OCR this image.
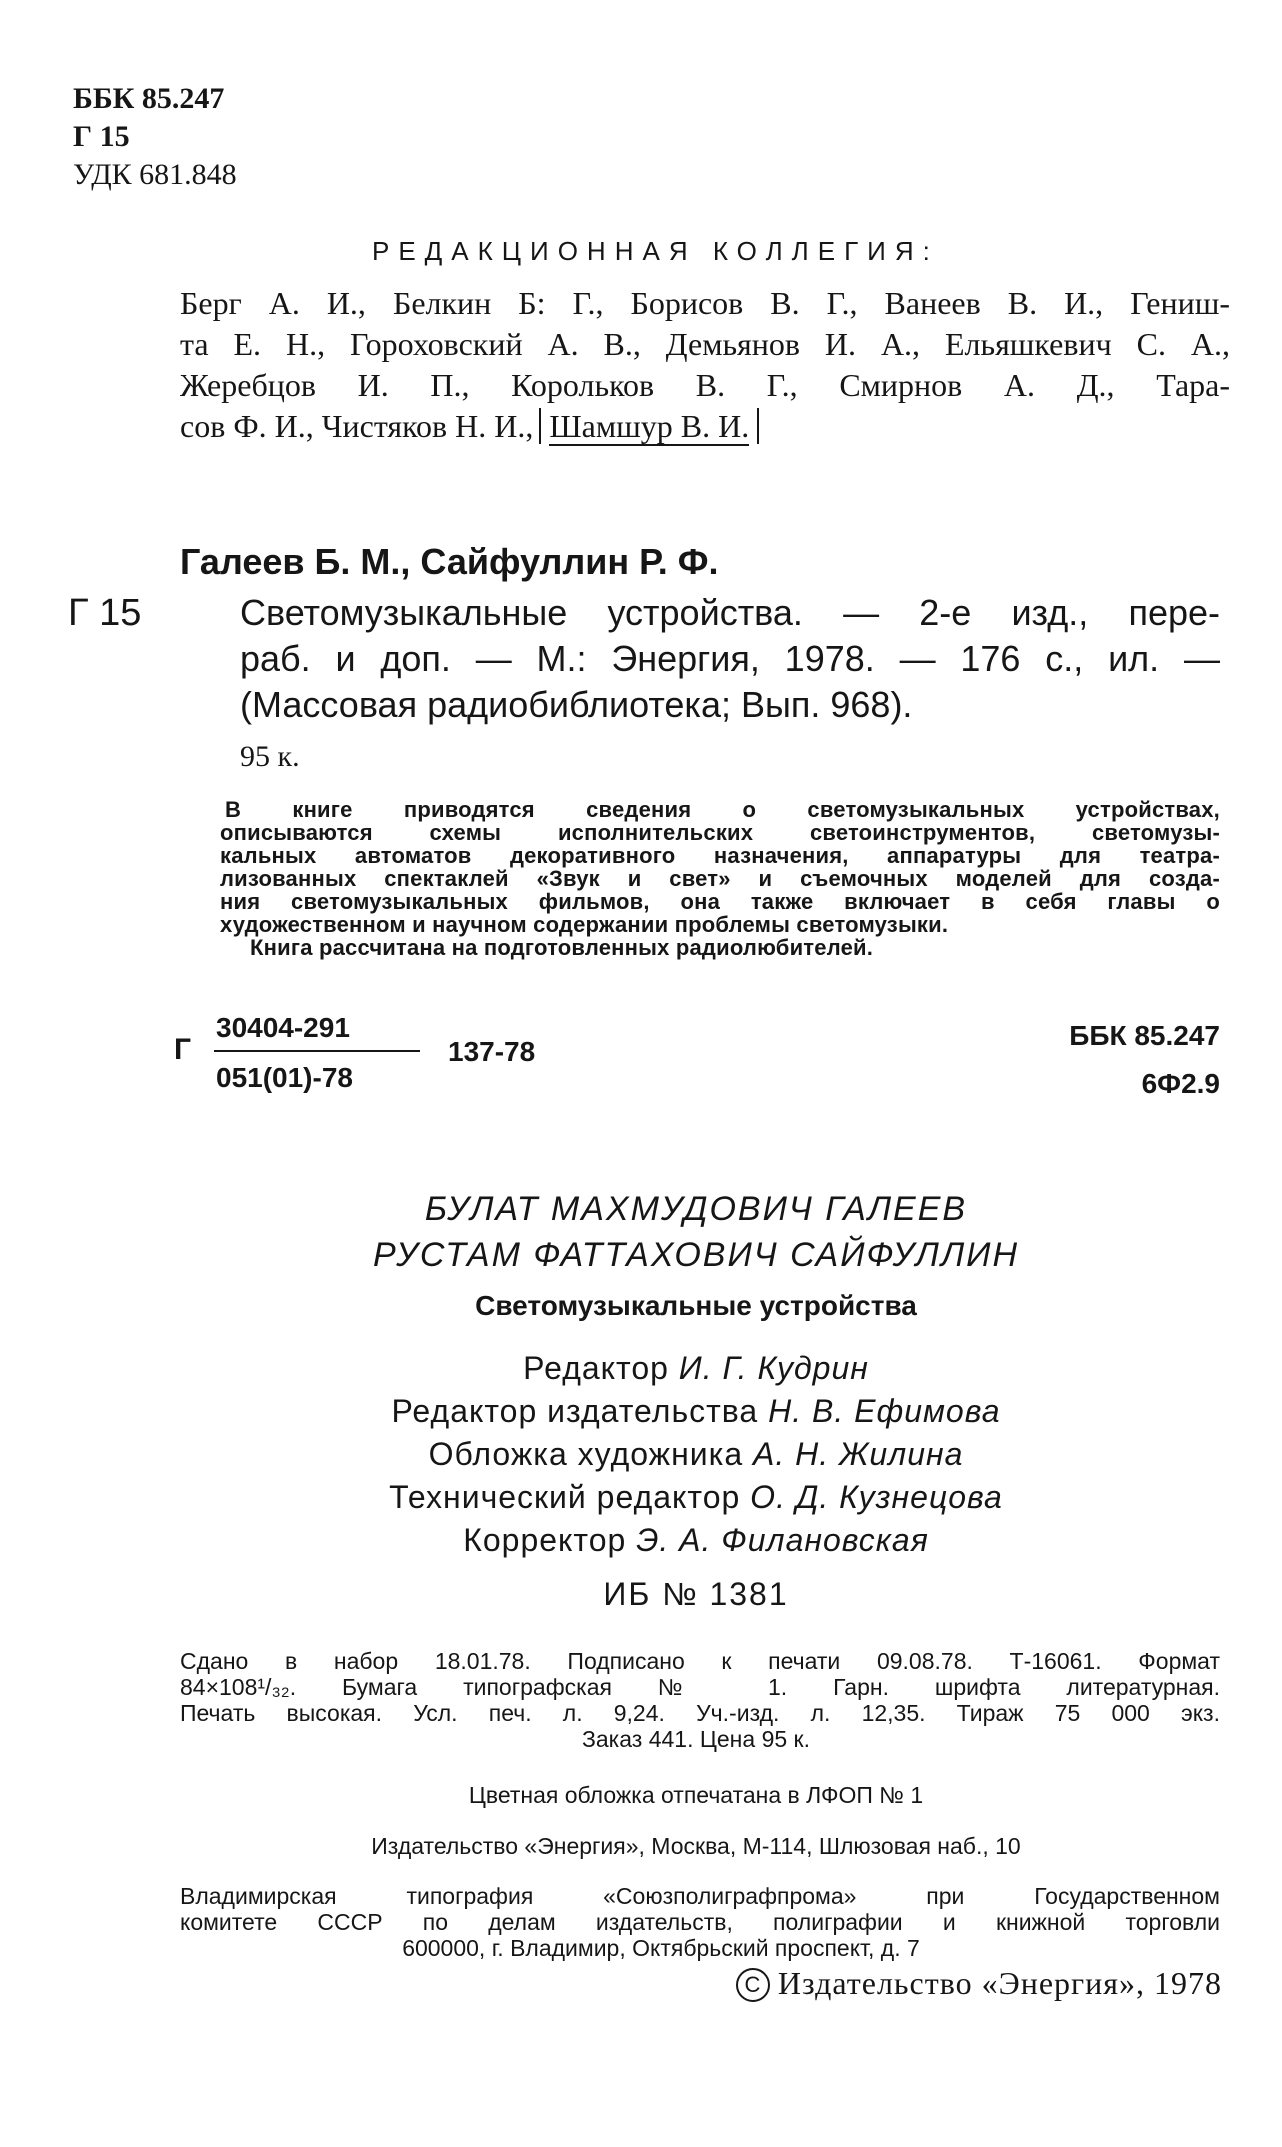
ББК 85.247
Г 15
УДК 681.848
РЕДАКЦИОННАЯ КОЛЛЕГИЯ:
Берг А. И., Белкин Б: Г., Борисов В. Г., Ванеев В. И., Гениш-
та Е. Н., Гороховский А. В., Демьянов И. А., Ельяшкевич С. А.,
Жеребцов И. П., Корольков В. Г., Смирнов А. Д., Тара-
сов Ф. И., Чистяков Н. И., Шамшур В. И.
Галеев Б. М., Сайфуллин Р. Ф.
Г 15	Светомузыкальные устройства. — 2-е изд., пере-
раб. и доп. — М.: Энергия, 1978. — 176 с., ил. —
(Массовая радиобиблиотека; Вып. 968).
95 к.
В книге приводятся сведения о светомузыкальных устройствах,
описываются схемы исполнительских светоинструментов, светомузы-
кальных автоматов декоративного назначения, аппаратуры для театра-
лизованных спектаклей «Звук и свет» и съемочных моделей для созда-
ния светомузыкальных фильмов, она также включает в себя главы о
художественном и научном содержании проблемы светомузыки.
Книга рассчитана на подготовленных радиолюбителей.
Г
30404-291
051(01)-78
137-78
ББК 85.247
6Ф2.9
БУЛАТ МАХМУДОВИЧ ГАЛЕЕВ
РУСТАМ ФАТТАХОВИЧ САЙФУЛЛИН
Светомузыкальные устройства
Редактор И. Г. Кудрин
Редактор издательства Н. В. Ефимова
Обложка художника А. Н. Жилина
Технический редактор О. Д. Кузнецова
Корректор Э. А. Филановская
ИБ № 1381
Сдано в набор 18.01.78. Подписано к печати 09.08.78. Т-16061. Формат
84×108¹/₃₂. Бумага типографская № 1. Гарн. шрифта литературная.
Печать высокая. Усл. печ. л. 9,24. Уч.-изд. л. 12,35. Тираж 75 000 экз.
Заказ 441. Цена 95 к.
Цветная обложка отпечатана в ЛФОП № 1
Издательство «Энергия», Москва, М-114, Шлюзовая наб., 10
Владимирская типография «Союзполиграфпрома» при Государственном
комитете СССР по делам издательств, полиграфии и книжной торговли
600000, г. Владимир, Октябрьский проспект, д. 7
C Издательство «Энергия», 1978
